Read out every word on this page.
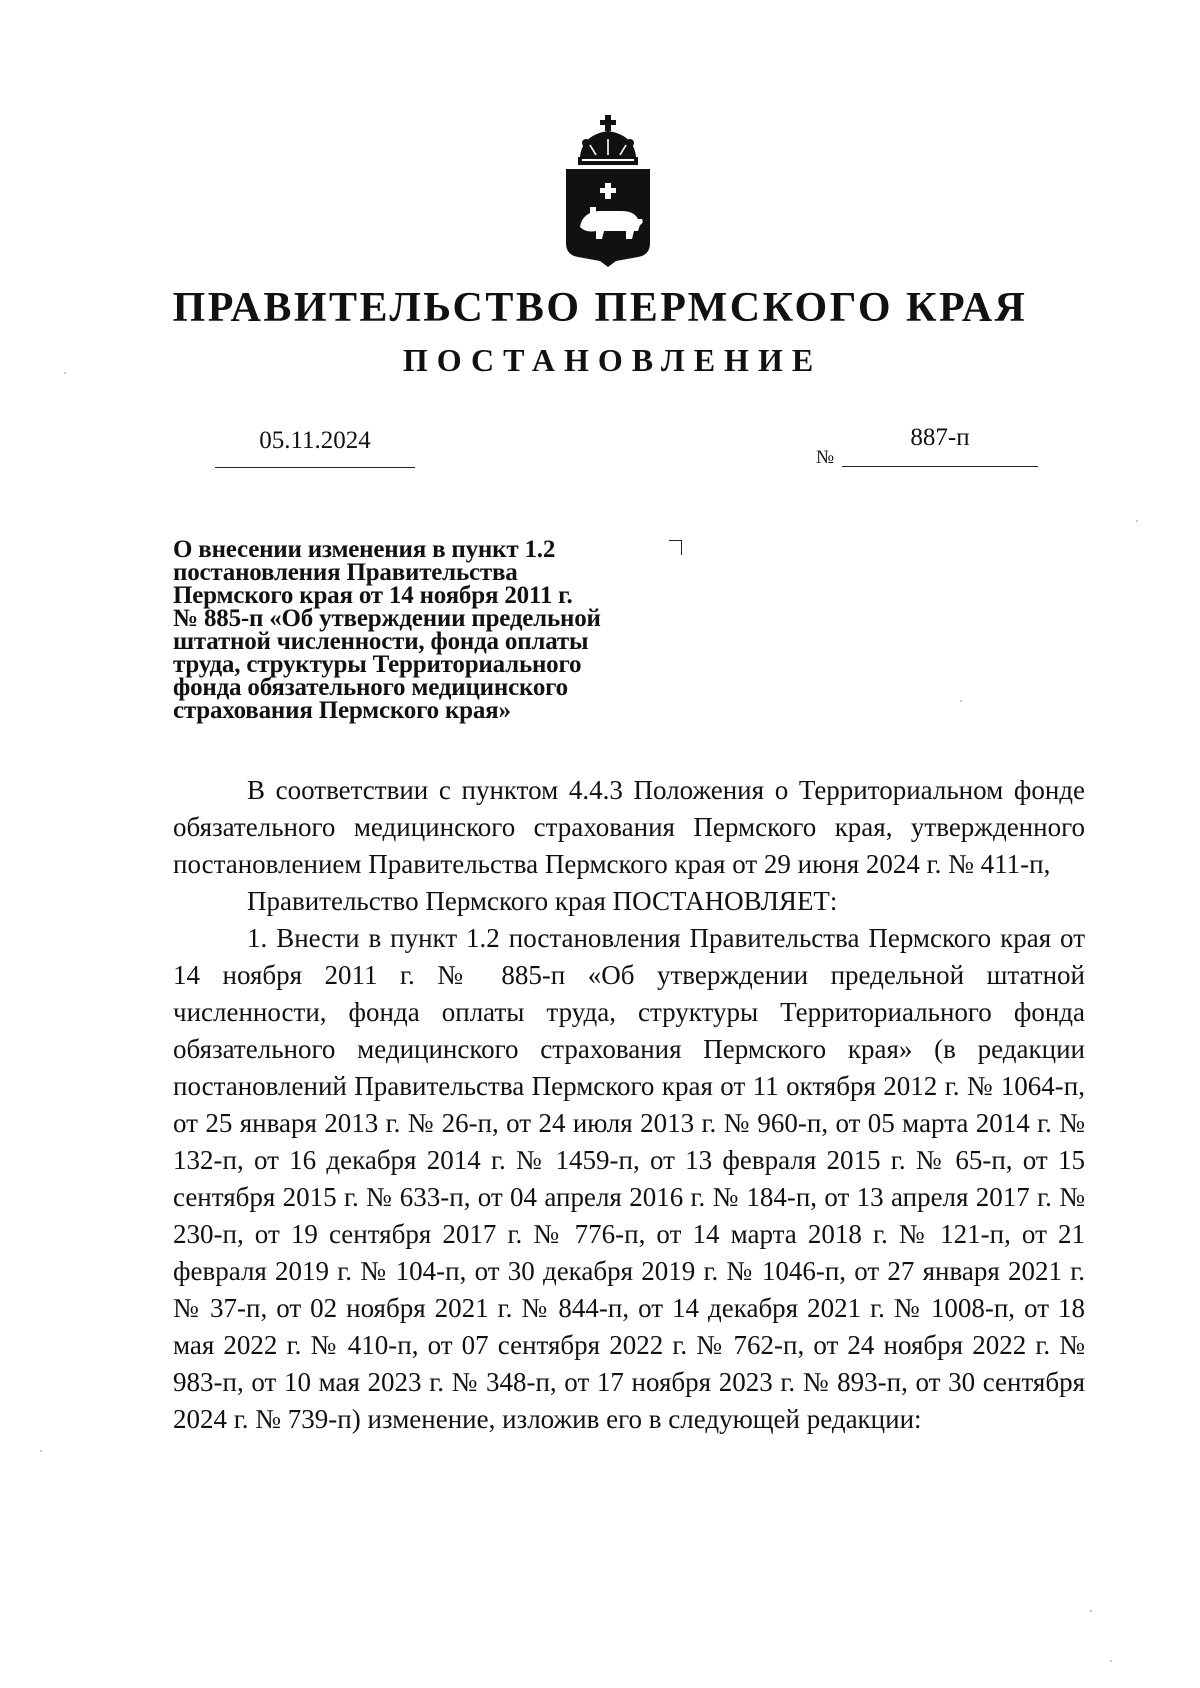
ПРАВИТЕЛЬСТВО ПЕРМСКОГО КРАЯ
ПОСТАНОВЛЕНИЕ
05.11.2024
№
887-п
О внесении изменения в пункт 1.2
постановления Правительства
Пермского края от 14 ноября 2011 г.
№ 885-п «Об утверждении предельной
штатной численности, фонда оплаты
труда, структуры Территориального
фонда обязательного медицинского
страхования Пермского края»

В соответствии с пунктом 4.4.3 Положения о Территориальном фонде обязательного медицинского страхования Пермского края, утвержденного постановлением Правительства Пермского края от 29 июня 2024 г. № 411-п,

Правительство Пермского края ПОСТАНОВЛЯЕТ:

1. Внести в пункт 1.2 постановления Правительства Пермского края от 14 ноября 2011 г. № 885-п «Об утверждении предельной штатной численности, фонда оплаты труда, структуры Территориального фонда обязательного медицинского страхования Пермского края» (в редакции постановлений Правительства Пермского края от 11 октября 2012 г. № 1064-п, от 25 января 2013 г. № 26-п, от 24 июля 2013 г. № 960-п, от 05 марта 2014 г. № 132-п, от 16 декабря 2014 г. № 1459-п, от 13 февраля 2015 г. № 65-п, от 15 сентября 2015 г. № 633-п, от 04 апреля 2016 г. № 184-п, от 13 апреля 2017 г. № 230-п, от 19 сентября 2017 г. № 776-п, от 14 марта 2018 г. № 121-п, от 21 февраля 2019 г. № 104-п, от 30 декабря 2019 г. № 1046-п, от 27 января 2021 г. № 37-п, от 02 ноября 2021 г. № 844-п, от 14 декабря 2021 г. № 1008-п, от 18 мая 2022 г. № 410-п, от 07 сентября 2022 г. № 762-п, от 24 ноября 2022 г. № 983-п, от 10 мая 2023 г. № 348-п, от 17 ноября 2023 г. № 893-п, от 30 сентября 2024 г. № 739-п) изменение, изложив его в следующей редакции:
